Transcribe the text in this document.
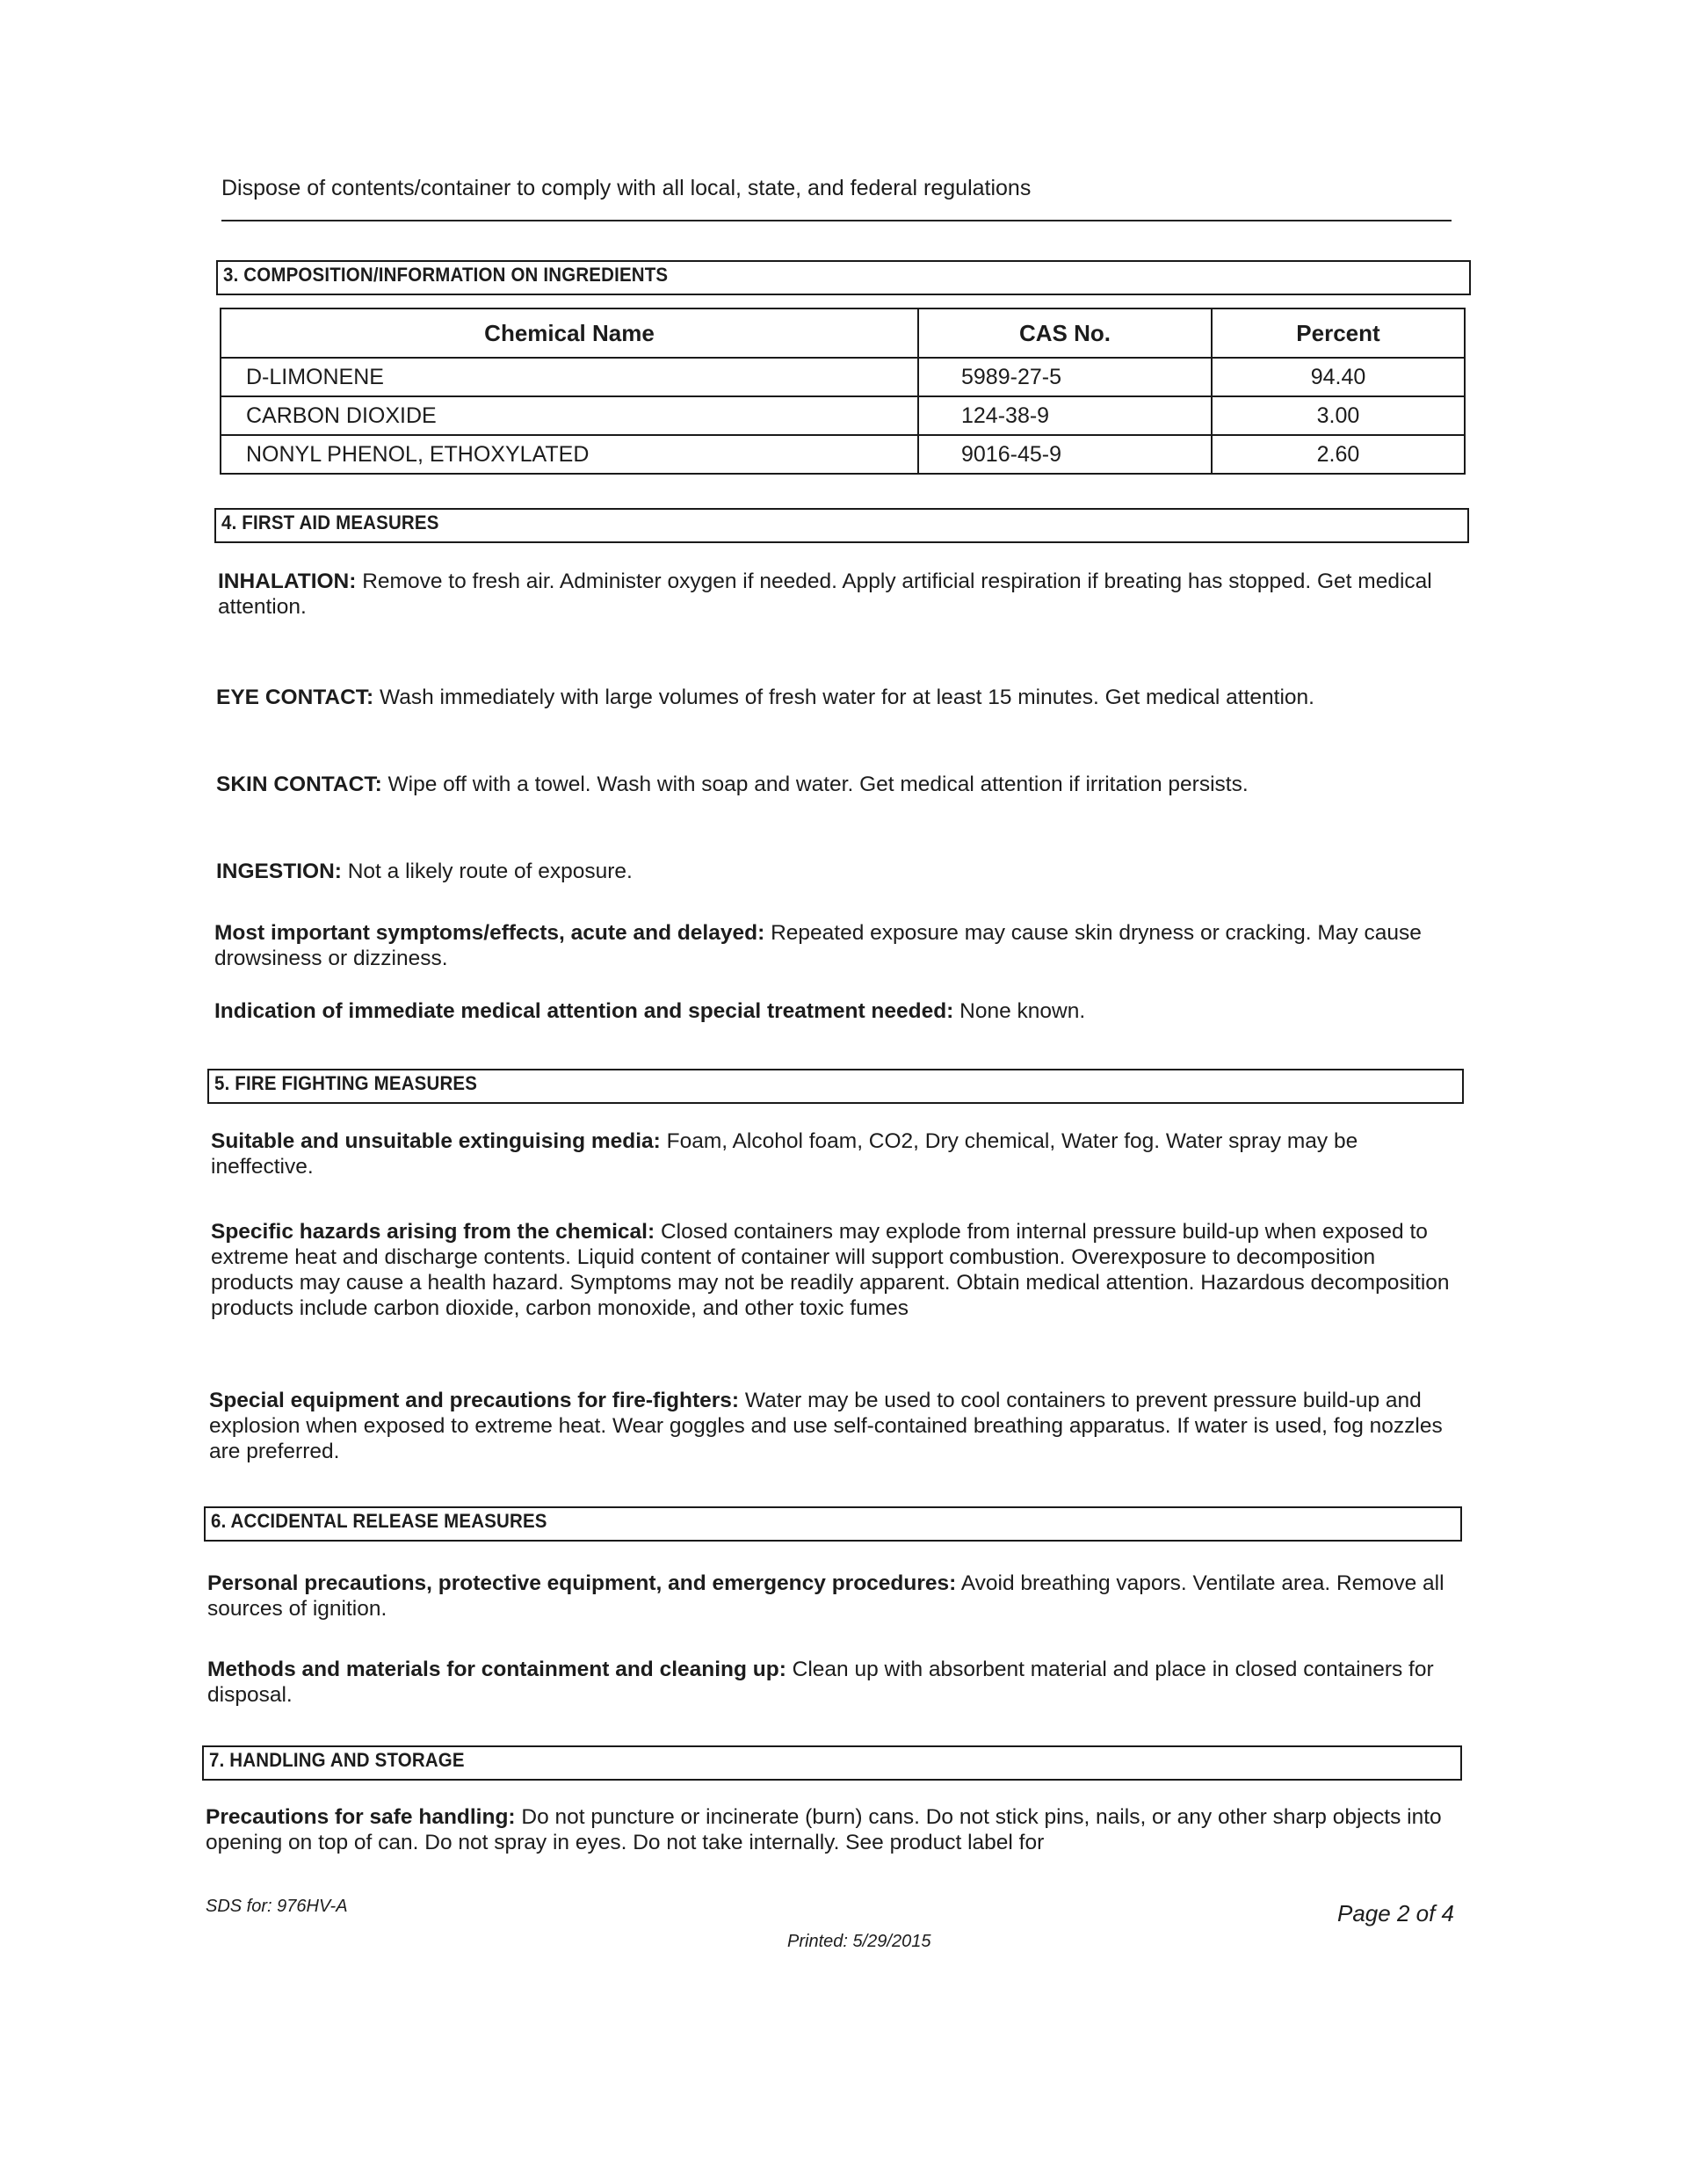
Dispose of contents/container to comply with all local, state, and federal regulations
3. COMPOSITION/INFORMATION ON INGREDIENTS
Chemical Name	CAS No.	Percent
D-LIMONENE	5989-27-5	94.40
CARBON DIOXIDE	124-38-9	3.00
NONYL PHENOL, ETHOXYLATED	9016-45-9	2.60
4. FIRST AID MEASURES
INHALATION: Remove to fresh air. Administer oxygen if needed. Apply artificial respiration if breating has stopped. Get medical attention.
EYE CONTACT: Wash immediately with large volumes of fresh water for at least 15 minutes. Get medical attention.
SKIN CONTACT: Wipe off with a towel. Wash with soap and water. Get medical attention if irritation persists.
INGESTION: Not a likely route of exposure.
Most important symptoms/effects, acute and delayed: Repeated exposure may cause skin dryness or cracking. May cause drowsiness or dizziness.
Indication of immediate medical attention and special treatment needed: None known.
5. FIRE FIGHTING MEASURES
Suitable and unsuitable extinguising media: Foam, Alcohol foam, CO2, Dry chemical, Water fog. Water spray may be ineffective.
Specific hazards arising from the chemical: Closed containers may explode from internal pressure build-up when exposed to extreme heat and discharge contents. Liquid content of container will support combustion. Overexposure to decomposition products may cause a health hazard. Symptoms may not be readily apparent. Obtain medical attention. Hazardous decomposition products include carbon dioxide, carbon monoxide, and other toxic fumes
Special equipment and precautions for fire-fighters: Water may be used to cool containers to prevent pressure build-up and explosion when exposed to extreme heat. Wear goggles and use self-contained breathing apparatus. If water is used, fog nozzles are preferred.
6. ACCIDENTAL RELEASE MEASURES
Personal precautions, protective equipment, and emergency procedures: Avoid breathing vapors. Ventilate area. Remove all sources of ignition.
Methods and materials for containment and cleaning up: Clean up with absorbent material and place in closed containers for disposal.
7. HANDLING AND STORAGE
Precautions for safe handling: Do not puncture or incinerate (burn) cans. Do not stick pins, nails, or any other sharp objects into opening on top of can. Do not spray in eyes. Do not take internally. See product label for
SDS for: 976HV-A	Page 2 of 4
Printed: 5/29/2015
